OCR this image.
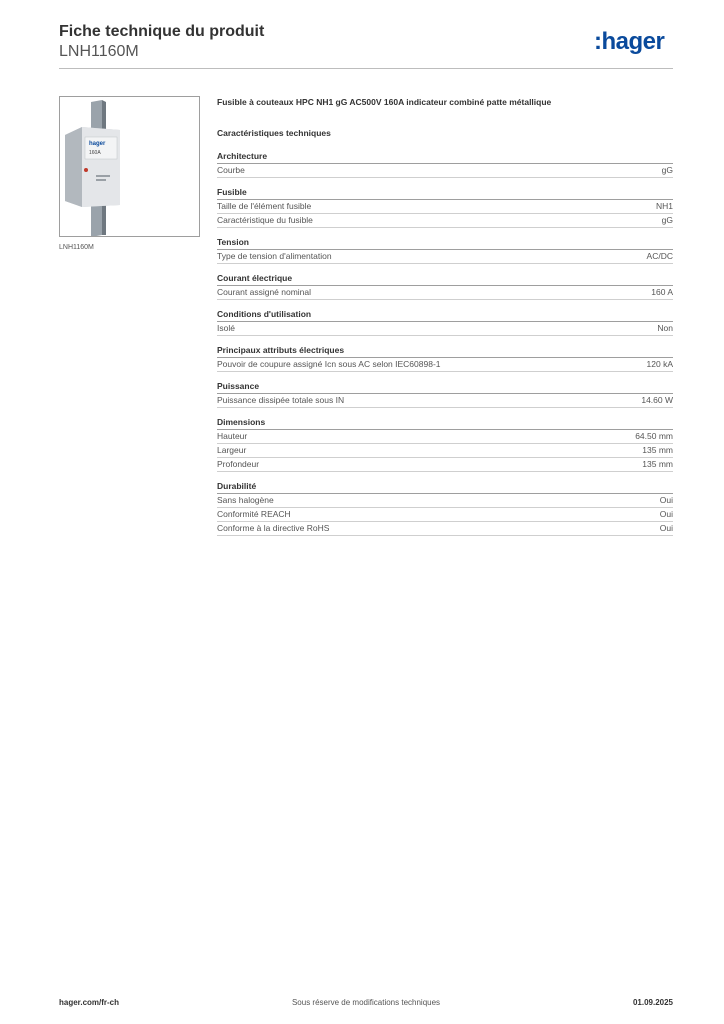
Fiche technique du produit
LNH1160M	:hager
hager
160A
LNH1160M
Fusible à couteaux HPC NH1 gG AC500V 160A indicateur combiné patte métallique
Caractéristiques techniques
Architecture
Courbe	gG
Fusible
Taille de l'élément fusible	NH1
Caractéristique du fusible	gG
Tension
Type de tension d'alimentation	AC/DC
Courant électrique
Courant assigné nominal	160 A
Conditions d'utilisation
Isolé	Non
Principaux attributs électriques
Pouvoir de coupure assigné Icn sous AC selon IEC60898-1	120 kA
Puissance
Puissance dissipée totale sous IN	14.60 W
Dimensions
Hauteur	64.50 mm
Largeur	135 mm
Profondeur	135 mm
Durabilité
Sans halogène	Oui
Conformité REACH	Oui
Conforme à la directive RoHS	Oui
hager.com/fr-ch	Sous réserve de modifications techniques	01.09.2025
